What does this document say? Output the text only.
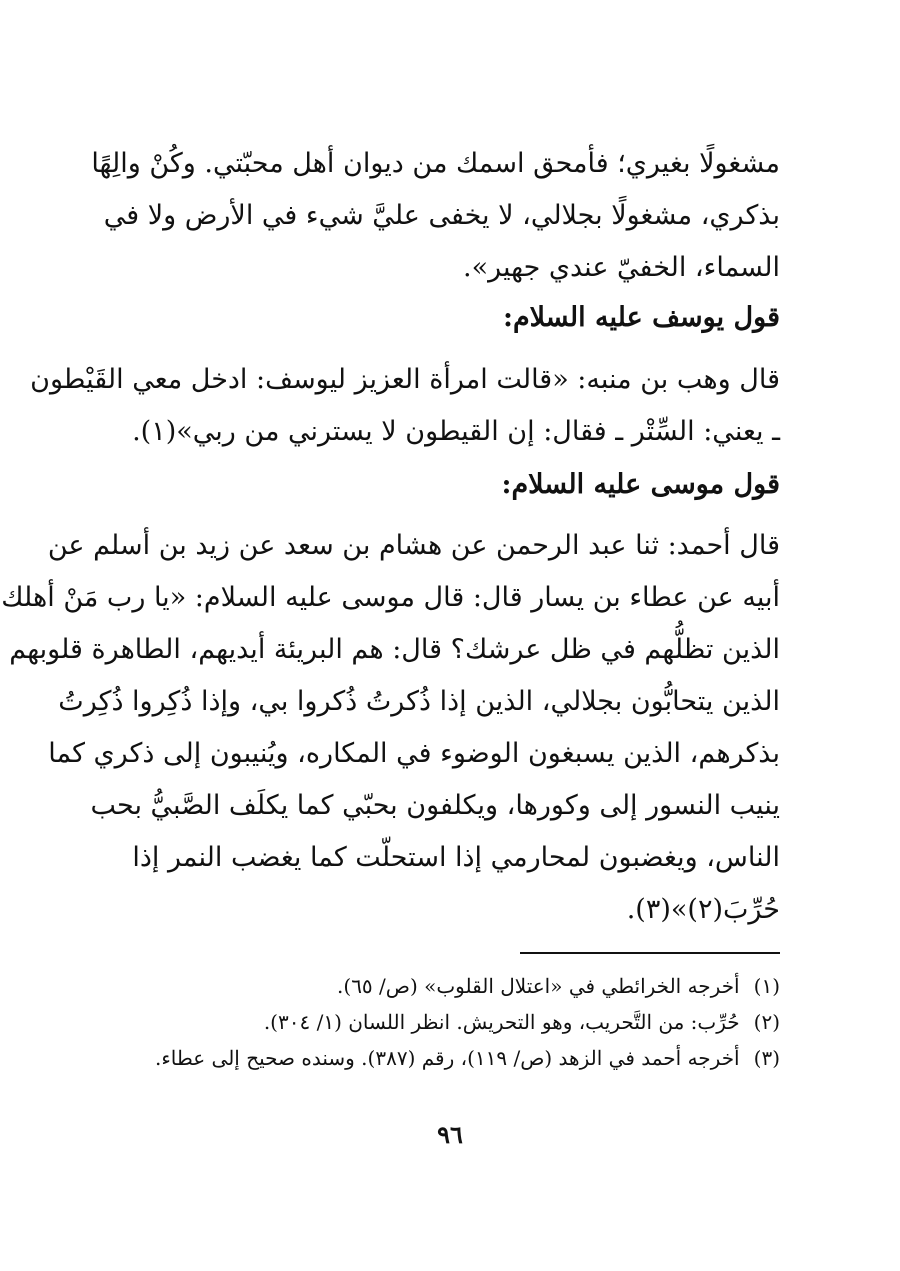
مشغولًا بغيري؛ فأمحق اسمك من ديوان أهل محبّتي. وكُنْ والِهًا
بذكري، مشغولًا بجلالي، لا يخفى عليَّ شيء في الأرض ولا في
السماء، الخفيّ عندي جهير».
قول يوسف عليه السلام:
قال وهب بن منبه: «قالت امرأة العزيز ليوسف: ادخل معي القَيْطون
ـ يعني: السِّتْر ـ فقال: إن القيطون لا يسترني من ربي»(١).
قول موسى عليه السلام:
قال أحمد: ثنا عبد الرحمن عن هشام بن سعد عن زيد بن أسلم عن
أبيه عن عطاء بن يسار قال: قال موسى عليه السلام: «يا رب مَنْ أهلك
الذين تظلُّهم في ظل عرشك؟ قال: هم البريئة أيديهم، الطاهرة قلوبهم
الذين يتحابُّون بجلالي، الذين إذا ذُكرتُ ذُكروا بي، وإذا ذُكِروا ذُكِرتُ
بذكرهم، الذين يسبغون الوضوء في المكاره، ويُنيبون إلى ذكري كما
ينيب النسور إلى وكورها، ويكلفون بحبّي كما يكلَف الصَّبيُّ بحب
الناس، ويغضبون لمحارمي إذا استحلّت كما يغضب النمر إذا
حُرِّبَ(٢)»(٣).
(١)أخرجه الخرائطي في «اعتلال القلوب» (ص/ ٦٥).
(٢)حُرِّب: من التَّحريب، وهو التحريش. انظر اللسان (١/ ٣٠٤).
(٣)أخرجه أحمد في الزهد (ص/ ١١٩)، رقم (٣٨٧). وسنده صحيح إلى عطاء.
٩٦
